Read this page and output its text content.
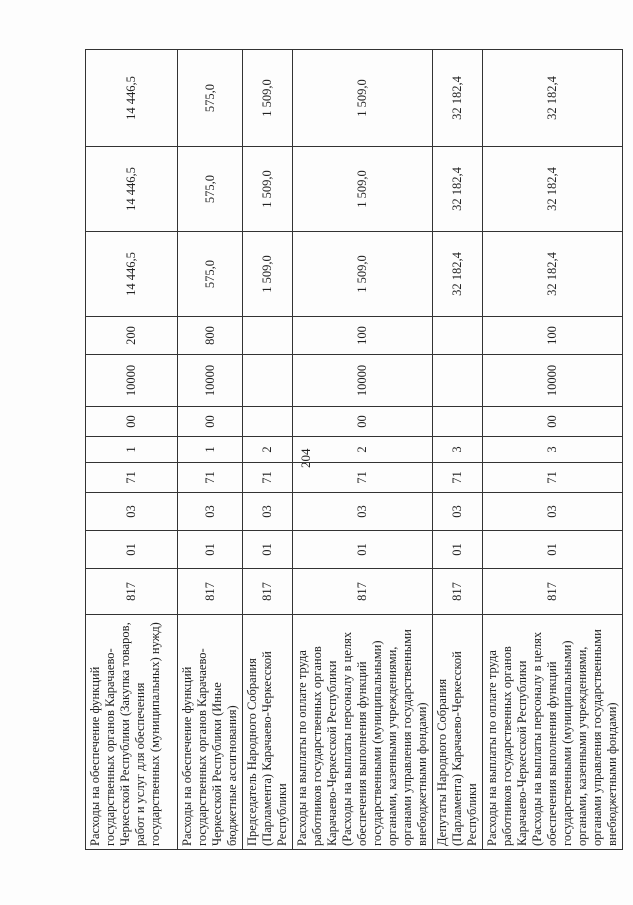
204
Расходы на обеспечение функций государственных органов Карачаево-Черкесской Республики (Закупка товаров, работ и услуг для обеспечения государственных (муниципальных) нужд)	817	01	03	71	1	00	10000	200	14 446,5	14 446,5	14 446,5
Расходы на обеспечение функций государственных органов Карачаево-Черкесской Республики (Иные бюджетные ассигнования)	817	01	03	71	1	00	10000	800	575,0	575,0	575,0
Председатель Народного Собрания (Парламента) Карачаево-Черкесской Республики	817	01	03	71	2				1 509,0	1 509,0	1 509,0
Расходы на выплаты по оплате труда работников государственных органов Карачаево-Черкесской Республики (Расходы на выплаты персоналу в целях обеспечения выполнения функций государственными (муниципальными) органами, казенными учреждениями, органами управления государственными внебюджетными фондами)	817	01	03	71	2	00	10000	100	1 509,0	1 509,0	1 509,0
Депутаты Народного Собрания (Парламента) Карачаево-Черкесской Республики	817	01	03	71	3				32 182,4	32 182,4	32 182,4
Расходы на выплаты по оплате труда работников государственных органов Карачаево-Черкесской Республики (Расходы на выплаты персоналу в целях обеспечения выполнения функций государственными (муниципальными) органами, казенными учреждениями, органами управления государственными внебюджетными фондами)	817	01	03	71	3	00	10000	100	32 182,4	32 182,4	32 182,4
